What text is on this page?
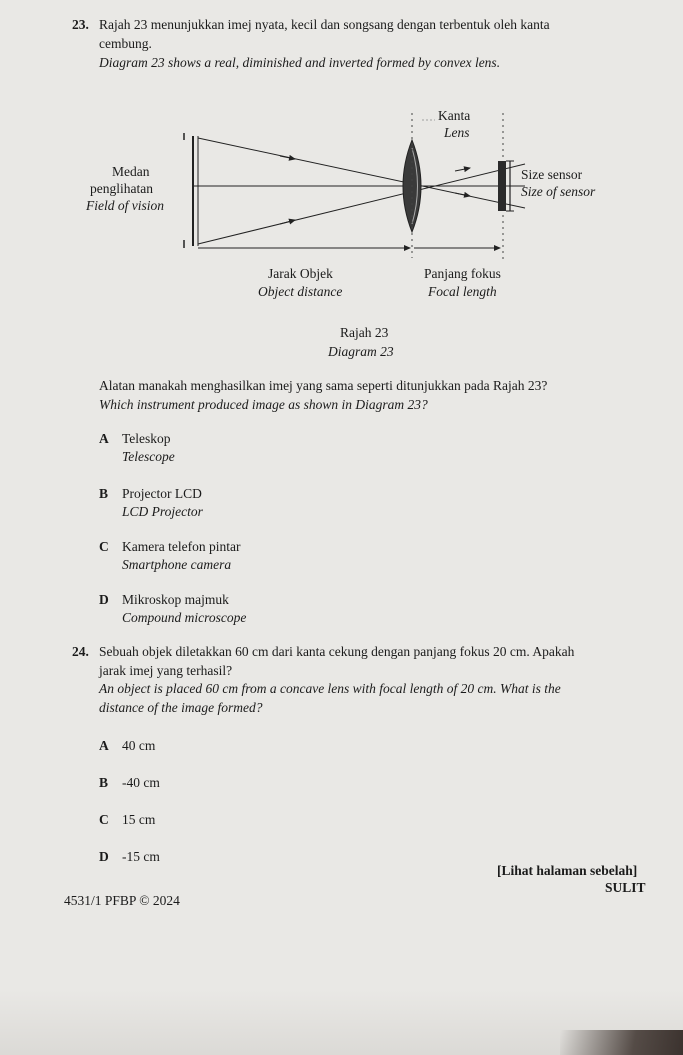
23. Rajah 23 menunjukkan imej nyata, kecil dan songsang dengan terbentuk oleh kanta
cembung.
Diagram 23 shows a real, diminished and inverted formed by convex lens.
Kanta
Lens
Medan
penglihatan
Field of vision
Size sensor
Size of sensor
Jarak Objek
Object distance
Panjang fokus
Focal length
Rajah 23
Diagram 23
Alatan manakah menghasilkan imej yang sama seperti ditunjukkan pada Rajah 23?
Which instrument produced image as shown in Diagram 23?
A Teleskop
Telescope
B Projector LCD
LCD Projector
C Kamera telefon pintar
Smartphone camera
D Mikroskop majmuk
Compound microscope
24. Sebuah objek diletakkan 60 cm dari kanta cekung dengan panjang fokus 20 cm. Apakah
jarak imej yang terhasil?
An object is placed 60 cm from a concave lens with focal length of 20 cm. What is the
distance of the image formed?
A 40 cm
B -40 cm
C 15 cm
D -15 cm
[Lihat halaman sebelah]
SULIT
4531/1 PFBP © 2024
